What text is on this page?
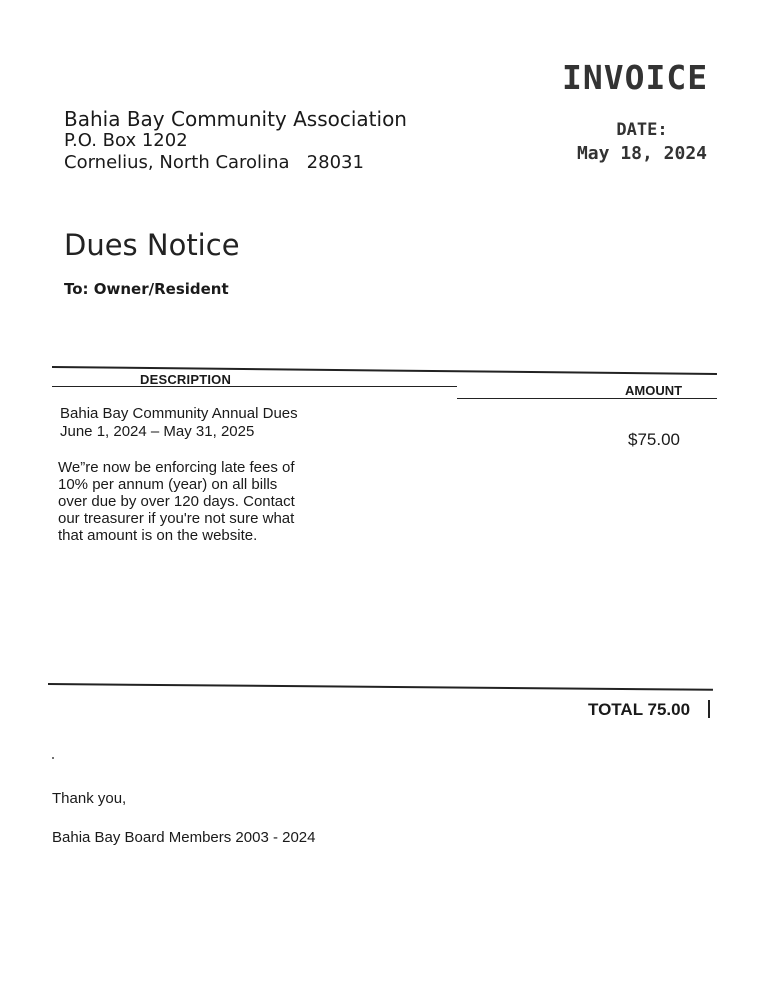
INVOICE
Bahia Bay Community Association
P.O. Box 1202
Cornelius, North Carolina   28031
DATE:
May 18, 2024
Dues Notice
To: Owner/Resident
DESCRIPTION
AMOUNT
Bahia Bay Community Annual Dues
June 1, 2024 – May 31, 2025	$75.00
We”re now be enforcing late fees of
10% per annum (year) on all bills
over due by over 120 days. Contact
our treasurer if you're not sure what
that amount is on the website.
TOTAL 75.00
Thank you,
Bahia Bay Board Members 2003 - 2024
